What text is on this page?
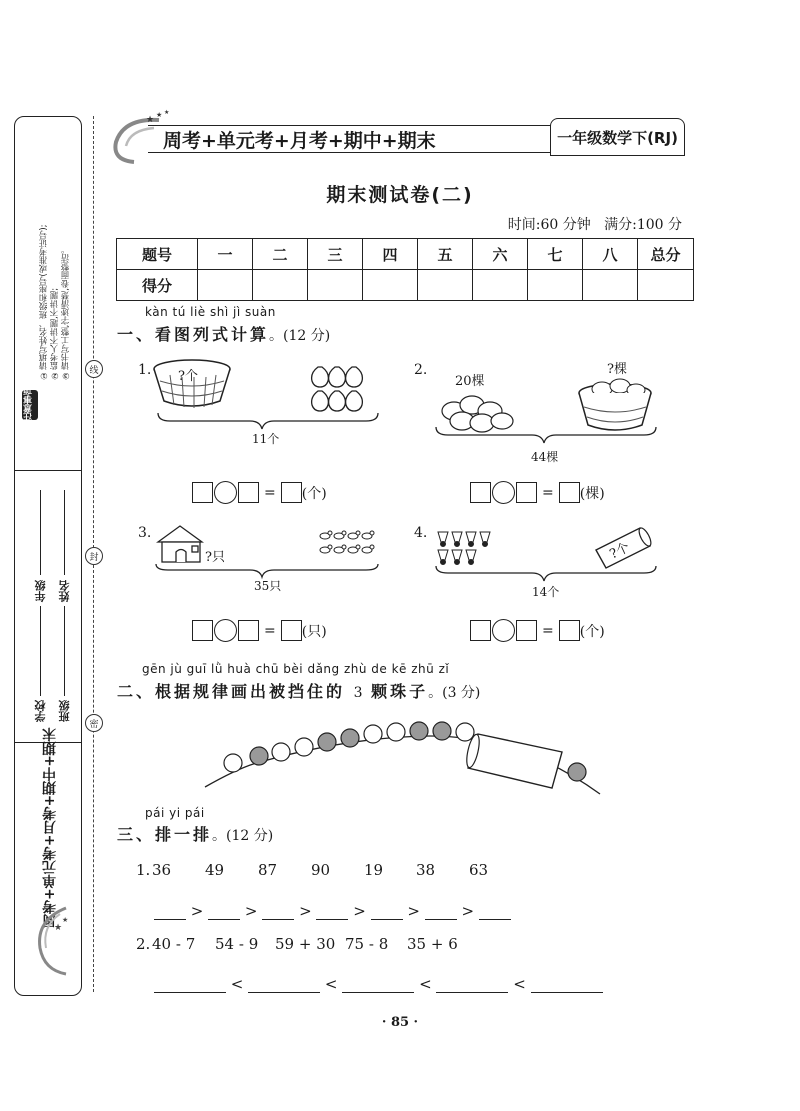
注意事项
①请填写姓名、班级和座号(或准考证号); ②监考人不讲题,不讲题; ③请书写工整,字迹清楚,卷面整洁。
年级 姓名
学校 班级
周考+单元考+月考+期中+期末
★
★
线
封
密
★ ★ ★
周考+单元考+月考+期中+期末	一年级数学下(RJ)
期末测试卷(二)
时间:60 分钟 满分:100 分
题号	一	二	三	四	五	六	七	八	总分
得分									
kàn tú liè shì jì suàn
一、看图列式计算。(12 分)
1. ?个
11个
2.
20棵
?棵
44棵
= (个)	= (棵)
3.
?只
35只
4.
?个
14个
= (只)	= (个)
gēn jù guī lǜ huà chū bèi dǎng zhù de kē zhū zǐ
二、根据规律画出被挡住的 3 颗珠子。(3 分)
pái yi pái
三、排一排。(12 分)
1. 36 49 87 90 19 38 63
>	>	>	>	>	>
2. 40 - 7 54 - 9 59 + 30 75 - 8 35 + 6
<	<	<	<
· 85 ·
